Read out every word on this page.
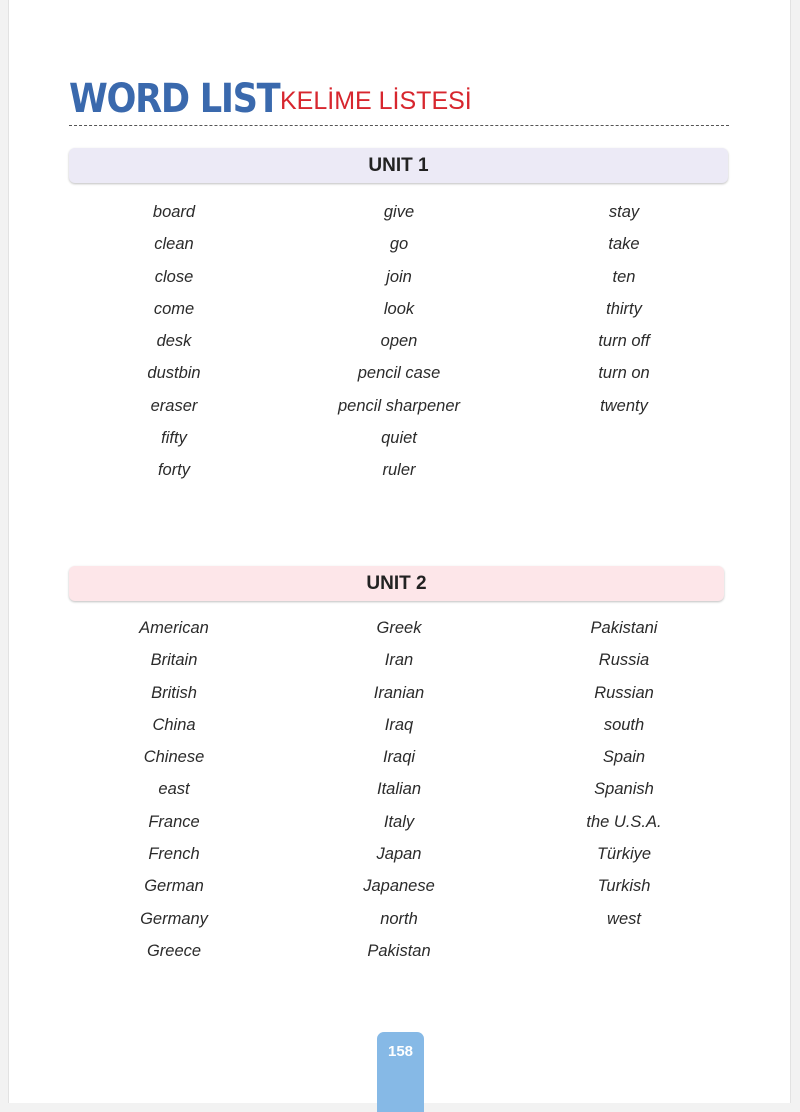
WORD LIST KELİME LİSTESİ
UNIT 1
board
clean
close
come
desk
dustbin
eraser
fifty
forty
give
go
join
look
open
pencil case
pencil sharpener
quiet
ruler
stay
take
ten
thirty
turn off
turn on
twenty
UNIT 2
American
Britain
British
China
Chinese
east
France
French
German
Germany
Greece
Greek
Iran
Iranian
Iraq
Iraqi
Italian
Italy
Japan
Japanese
north
Pakistan
Pakistani
Russia
Russian
south
Spain
Spanish
the U.S.A.
Türkiye
Turkish
west
158
